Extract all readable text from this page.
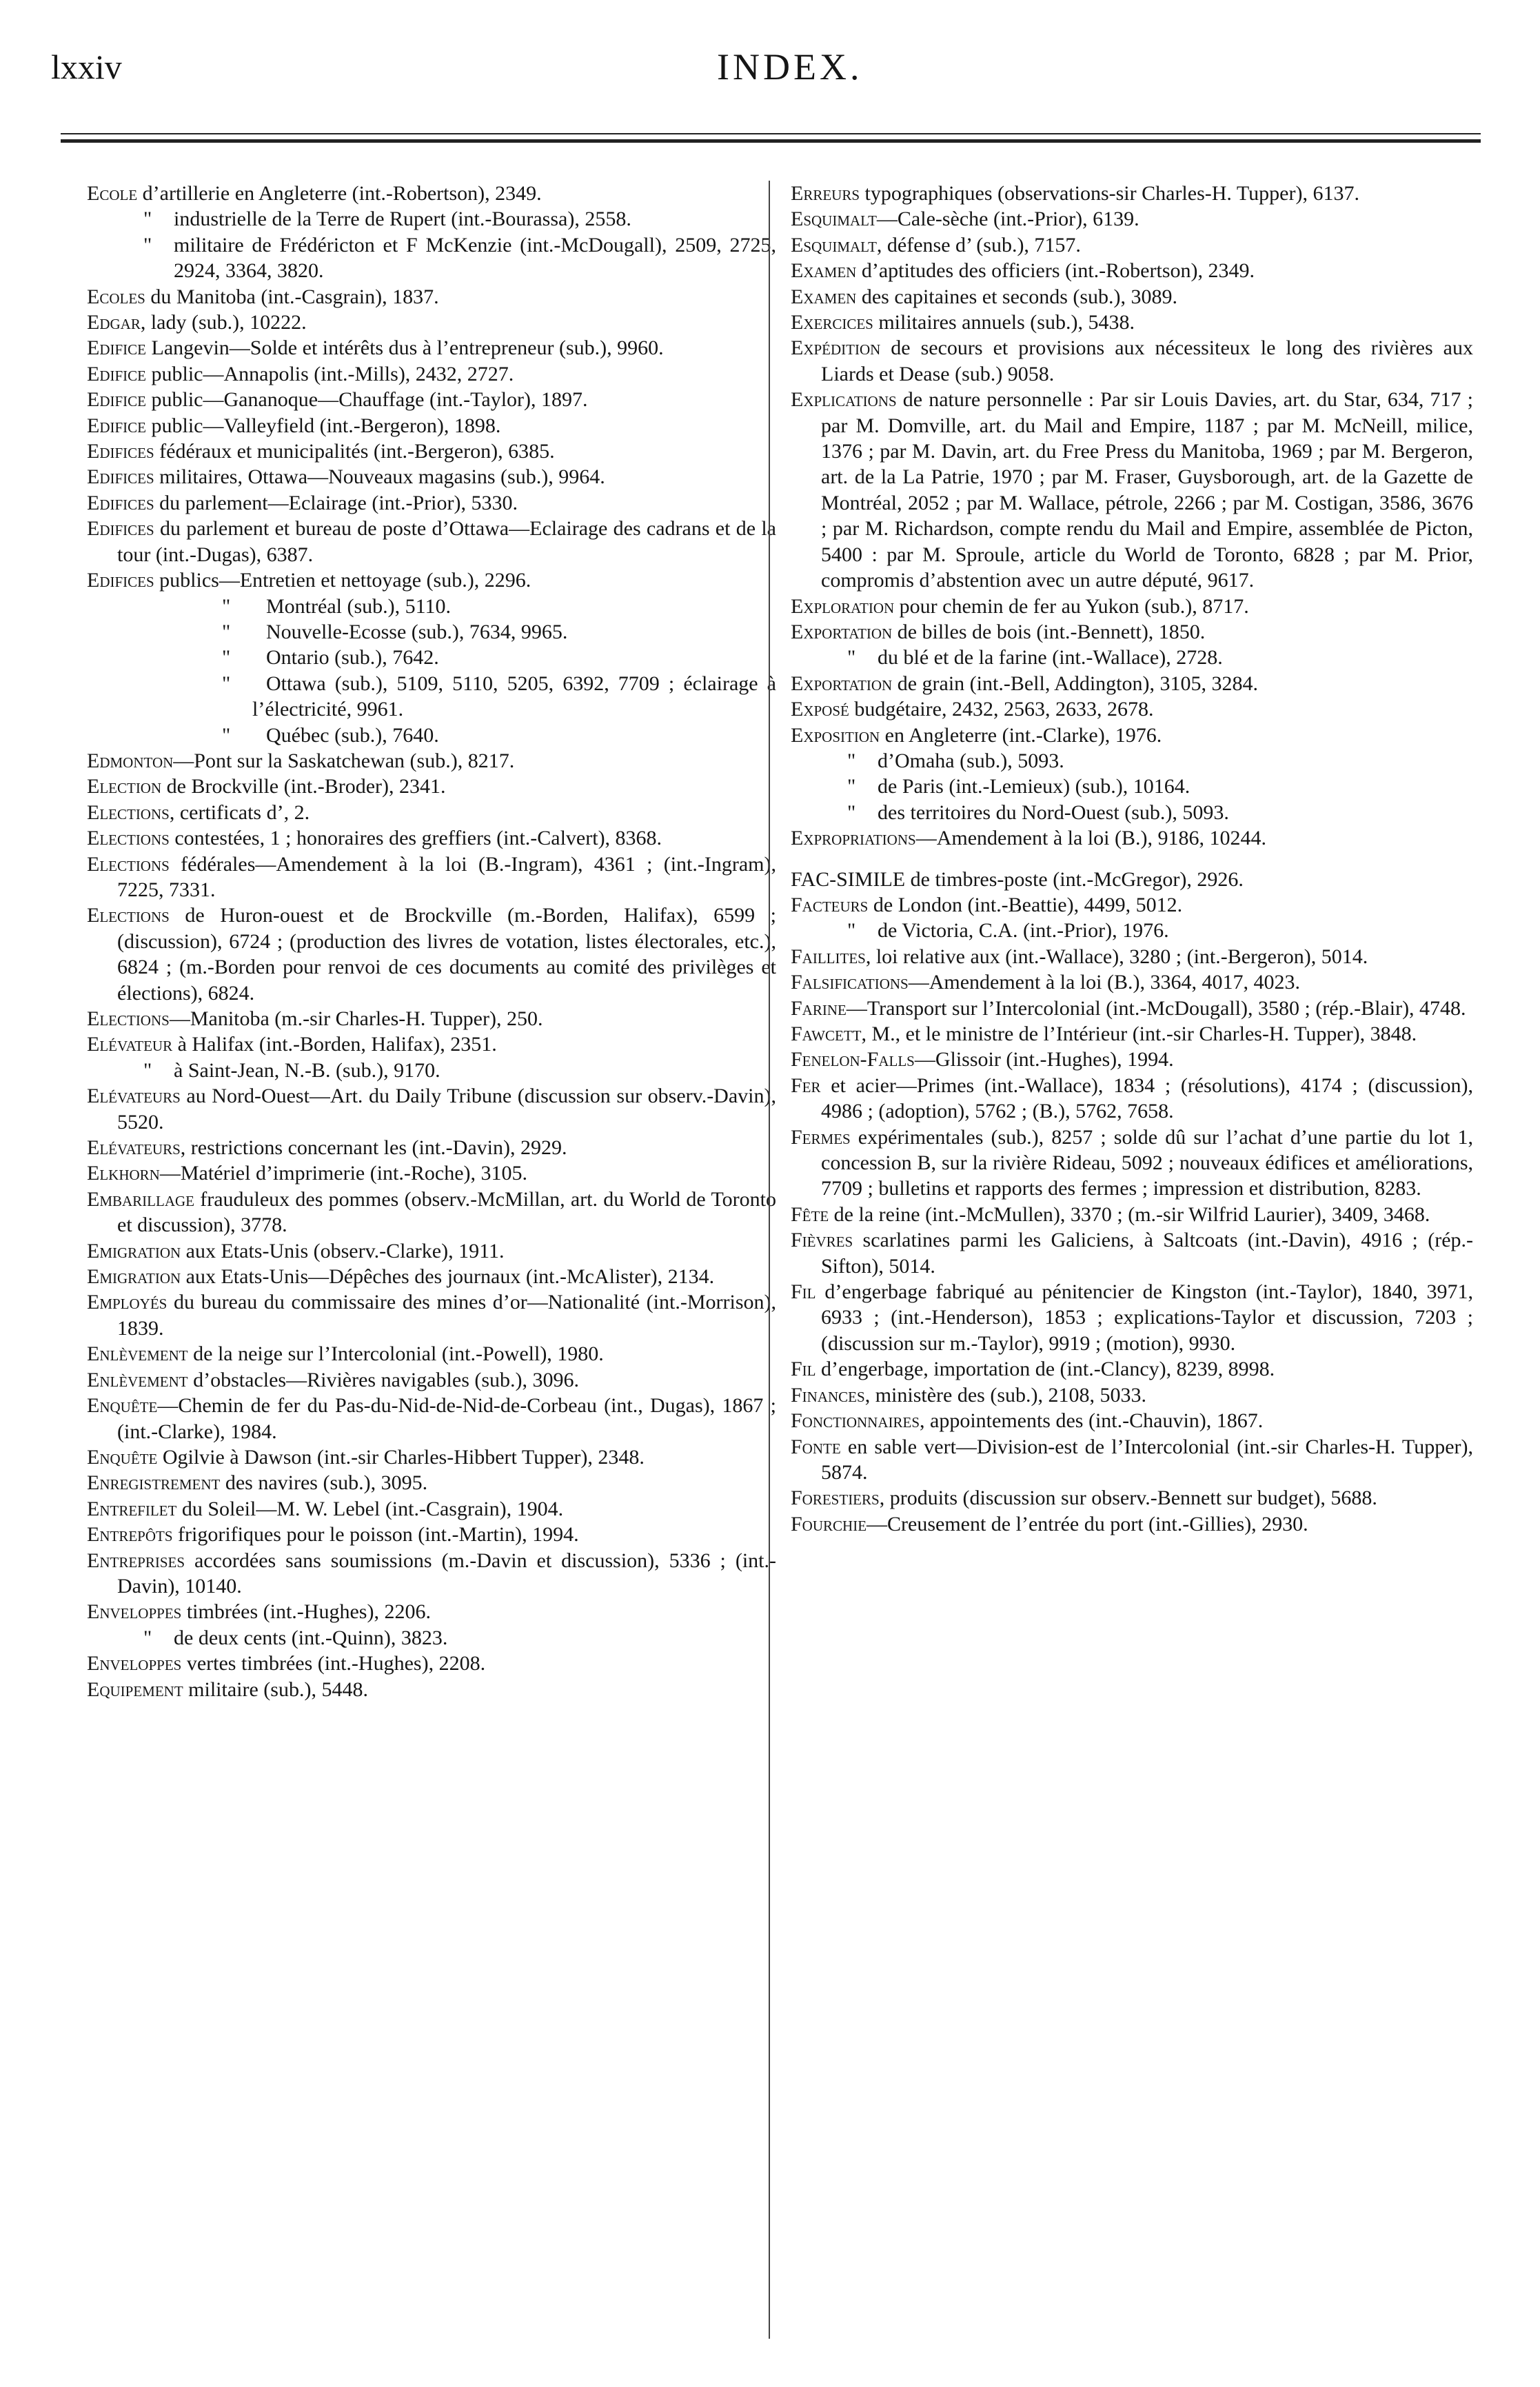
lxxiv	INDEX.
Ecole d’artillerie en Angleterre (int.-Robertson), 2349.
" industrielle de la Terre de Rupert (int.-Bourassa), 2558.
" militaire de Frédéricton et F McKenzie (int.-McDougall), 2509, 2725, 2924, 3364, 3820.
Ecoles du Manitoba (int.-Casgrain), 1837.
Edgar, lady (sub.), 10222.
Edifice Langevin—Solde et intérêts dus à l’entrepreneur (sub.), 9960.
Edifice public—Annapolis (int.-Mills), 2432, 2727.
Edifice public—Gananoque—Chauffage (int.-Taylor), 1897.
Edifice public—Valleyfield (int.-Bergeron), 1898.
Edifices fédéraux et municipalités (int.-Bergeron), 6385.
Edifices militaires, Ottawa—Nouveaux magasins (sub.), 9964.
Edifices du parlement—Eclairage (int.-Prior), 5330.
Edifices du parlement et bureau de poste d’Ottawa—Eclairage des cadrans et de la tour (int.-Dugas), 6387.
Edifices publics—Entretien et nettoyage (sub.), 2296.
" Montréal (sub.), 5110.
" Nouvelle-Ecosse (sub.), 7634, 9965.
" Ontario (sub.), 7642.
" Ottawa (sub.), 5109, 5110, 5205, 6392, 7709 ; éclairage à l’électricité, 9961.
" Québec (sub.), 7640.
Edmonton—Pont sur la Saskatchewan (sub.), 8217.
Election de Brockville (int.-Broder), 2341.
Elections, certificats d’, 2.
Elections contestées, 1 ; honoraires des greffiers (int.-Calvert), 8368.
Elections fédérales—Amendement à la loi (B.-Ingram), 4361 ; (int.-Ingram), 7225, 7331.
Elections de Huron-ouest et de Brockville (m.-Borden, Halifax), 6599 ; (discussion), 6724 ; (production des livres de votation, listes électorales, etc.), 6824 ; (m.-Borden pour renvoi de ces documents au comité des privilèges et élections), 6824.
Elections—Manitoba (m.-sir Charles-H. Tupper), 250.
Elévateur à Halifax (int.-Borden, Halifax), 2351.
" à Saint-Jean, N.-B. (sub.), 9170.
Elévateurs au Nord-Ouest—Art. du Daily Tribune (discussion sur observ.-Davin), 5520.
Elévateurs, restrictions concernant les (int.-Davin), 2929.
Elkhorn—Matériel d’imprimerie (int.-Roche), 3105.
Embarillage frauduleux des pommes (observ.-McMillan, art. du World de Toronto et discussion), 3778.
Emigration aux Etats-Unis (observ.-Clarke), 1911.
Emigration aux Etats-Unis—Dépêches des journaux (int.-McAlister), 2134.
Employés du bureau du commissaire des mines d’or—Nationalité (int.-Morrison), 1839.
Enlèvement de la neige sur l’Intercolonial (int.-Powell), 1980.
Enlèvement d’obstacles—Rivières navigables (sub.), 3096.
Enquête—Chemin de fer du Pas-du-Nid-de-Nid-de-Corbeau (int., Dugas), 1867 ; (int.-Clarke), 1984.
Enquête Ogilvie à Dawson (int.-sir Charles-Hibbert Tupper), 2348.
Enregistrement des navires (sub.), 3095.
Entrefilet du Soleil—M. W. Lebel (int.-Casgrain), 1904.
Entrepôts frigorifiques pour le poisson (int.-Martin), 1994.
Entreprises accordées sans soumissions (m.-Davin et discussion), 5336 ; (int.-Davin), 10140.
Enveloppes timbrées (int.-Hughes), 2206.
" de deux cents (int.-Quinn), 3823.
Enveloppes vertes timbrées (int.-Hughes), 2208.
Equipement militaire (sub.), 5448.
Erreurs typographiques (observations-sir Charles-H. Tupper), 6137.
Esquimalt—Cale-sèche (int.-Prior), 6139.
Esquimalt, défense d’ (sub.), 7157.
Examen d’aptitudes des officiers (int.-Robertson), 2349.
Examen des capitaines et seconds (sub.), 3089.
Exercices militaires annuels (sub.), 5438.
Expédition de secours et provisions aux nécessiteux le long des rivières aux Liards et Dease (sub.) 9058.
Explications de nature personnelle : Par sir Louis Davies, art. du Star, 634, 717 ; par M. Domville, art. du Mail and Empire, 1187 ; par M. McNeill, milice, 1376 ; par M. Davin, art. du Free Press du Manitoba, 1969 ; par M. Bergeron, art. de la La Patrie, 1970 ; par M. Fraser, Guysborough, art. de la Gazette de Montréal, 2052 ; par M. Wallace, pétrole, 2266 ; par M. Costigan, 3586, 3676 ; par M. Richardson, compte rendu du Mail and Empire, assemblée de Picton, 5400 : par M. Sproule, article du World de Toronto, 6828 ; par M. Prior, compromis d’abstention avec un autre député, 9617.
Exploration pour chemin de fer au Yukon (sub.), 8717.
Exportation de billes de bois (int.-Bennett), 1850.
" du blé et de la farine (int.-Wallace), 2728.
Exportation de grain (int.-Bell, Addington), 3105, 3284.
Exposé budgétaire, 2432, 2563, 2633, 2678.
Exposition en Angleterre (int.-Clarke), 1976.
" d’Omaha (sub.), 5093.
" de Paris (int.-Lemieux) (sub.), 10164.
" des territoires du Nord-Ouest (sub.), 5093.
Expropriations—Amendement à la loi (B.), 9186, 10244.
FAC-SIMILE de timbres-poste (int.-McGregor), 2926.
Facteurs de London (int.-Beattie), 4499, 5012.
" de Victoria, C.A. (int.-Prior), 1976.
Faillites, loi relative aux (int.-Wallace), 3280 ; (int.-Bergeron), 5014.
Falsifications—Amendement à la loi (B.), 3364, 4017, 4023.
Farine—Transport sur l’Intercolonial (int.-McDougall), 3580 ; (rép.-Blair), 4748.
Fawcett, M., et le ministre de l’Intérieur (int.-sir Charles-H. Tupper), 3848.
Fenelon-Falls—Glissoir (int.-Hughes), 1994.
Fer et acier—Primes (int.-Wallace), 1834 ; (résolutions), 4174 ; (discussion), 4986 ; (adoption), 5762 ; (B.), 5762, 7658.
Fermes expérimentales (sub.), 8257 ; solde dû sur l’achat d’une partie du lot 1, concession B, sur la rivière Rideau, 5092 ; nouveaux édifices et améliorations, 7709 ; bulletins et rapports des fermes ; impression et distribution, 8283.
Fête de la reine (int.-McMullen), 3370 ; (m.-sir Wilfrid Laurier), 3409, 3468.
Fièvres scarlatines parmi les Galiciens, à Saltcoats (int.-Davin), 4916 ; (rép.-Sifton), 5014.
Fil d’engerbage fabriqué au pénitencier de Kingston (int.-Taylor), 1840, 3971, 6933 ; (int.-Henderson), 1853 ; explications-Taylor et discussion, 7203 ; (discussion sur m.-Taylor), 9919 ; (motion), 9930.
Fil d’engerbage, importation de (int.-Clancy), 8239, 8998.
Finances, ministère des (sub.), 2108, 5033.
Fonctionnaires, appointements des (int.-Chauvin), 1867.
Fonte en sable vert—Division-est de l’Intercolonial (int.-sir Charles-H. Tupper), 5874.
Forestiers, produits (discussion sur observ.-Bennett sur budget), 5688.
Fourchie—Creusement de l’entrée du port (int.-Gillies), 2930.
